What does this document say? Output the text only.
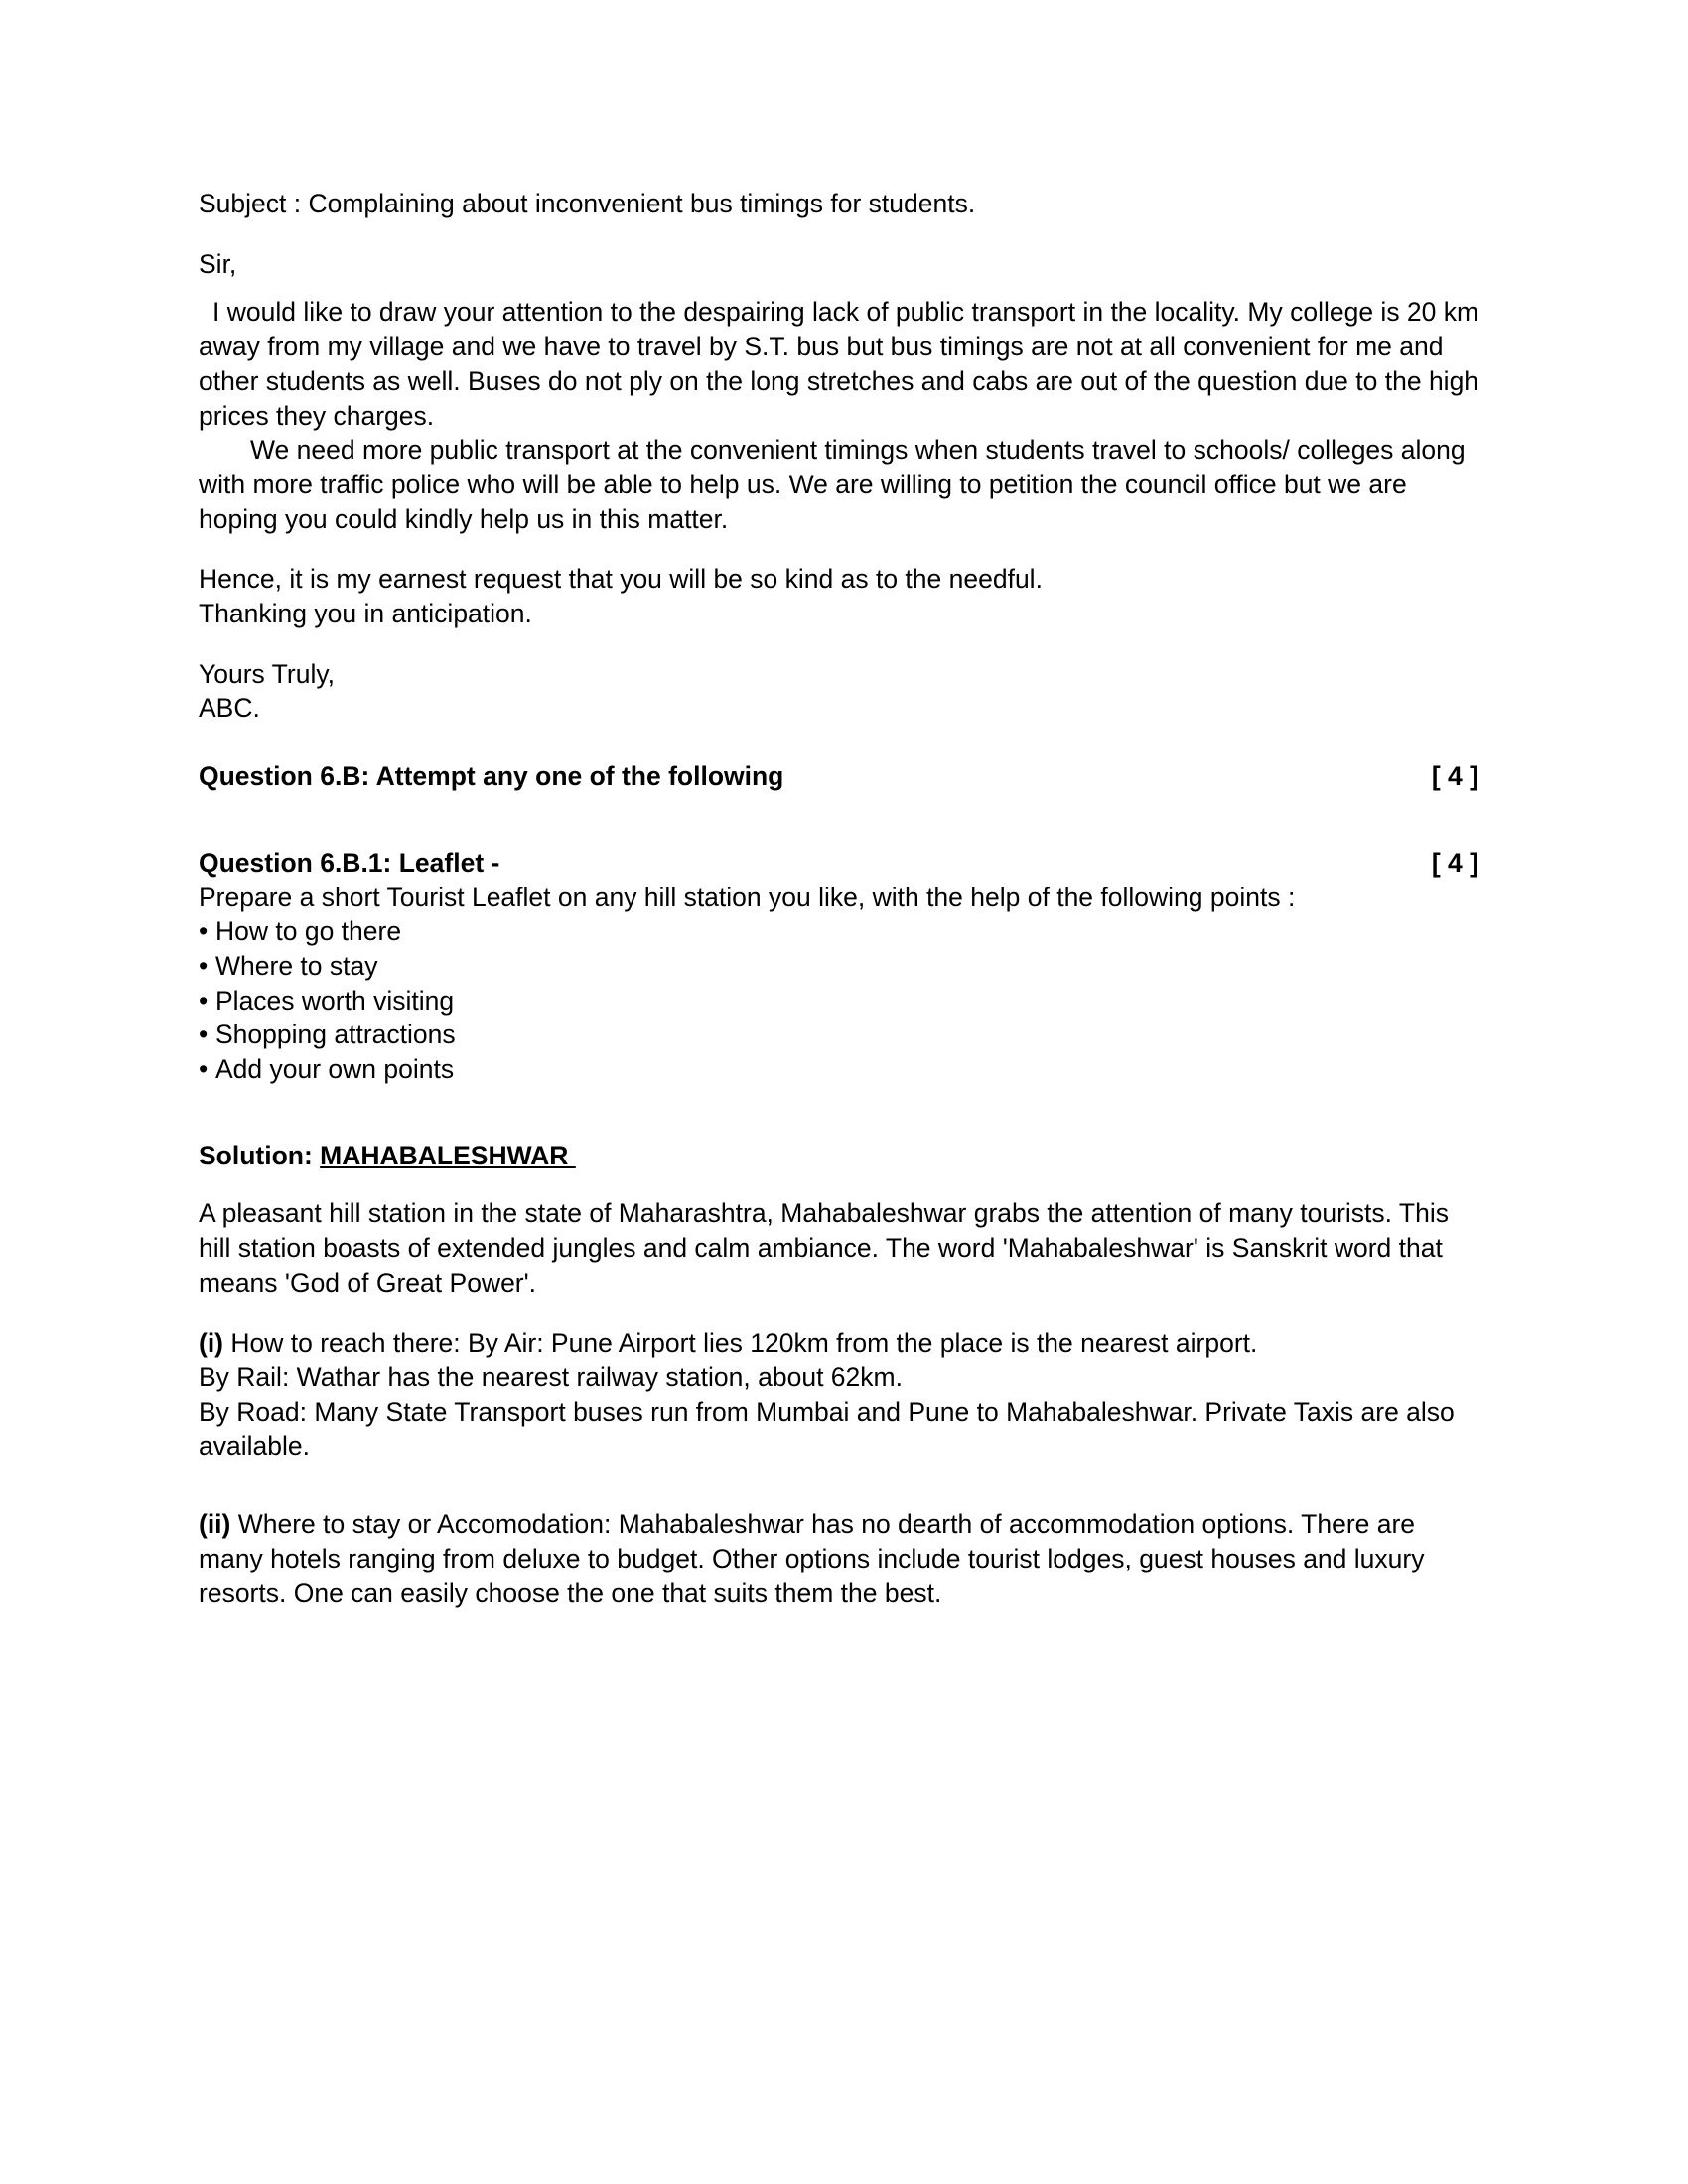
Subject : Complaining about inconvenient bus timings for students.

Sir,

I would like to draw your attention to the despairing lack of public transport in the locality. My college is 20 km away from my village and we have to travel by S.T. bus but bus timings are not at all convenient for me and other students as well. Buses do not ply on the long stretches and cabs are out of the question due to the high prices they charges.

We need more public transport at the convenient timings when students travel to schools/ colleges along

with more traffic police who will be able to help us. We are willing to petition the council office but we are hoping you could kindly help us in this matter.

Hence, it is my earnest request that you will be so kind as to the needful.
Thanking you in anticipation.

Yours Truly,
ABC.

Question 6.B: Attempt any one of the following	[ 4 ]
Question 6.B.1: Leaflet -	[ 4 ]

Prepare a short Tourist Leaflet on any hill station you like, with the help of the following points :

• How to go there
• Where to stay
• Places worth visiting
• Shopping attractions
• Add your own points

Solution: MAHABALESHWAR

A pleasant hill station in the state of Maharashtra, Mahabaleshwar grabs the attention of many tourists. This

hill station boasts of extended jungles and calm ambiance. The word 'Mahabaleshwar' is Sanskrit word that means 'God of Great Power'.

(i) How to reach there: By Air: Pune Airport lies 120km from the place is the nearest airport.

By Rail: Wathar has the nearest railway station, about 62km.

By Road: Many State Transport buses run from Mumbai and Pune to Mahabaleshwar. Private Taxis are also available.

(ii) Where to stay or Accomodation: Mahabaleshwar has no dearth of accommodation options. There are many hotels ranging from deluxe to budget. Other options include tourist lodges, guest houses and luxury resorts. One can easily choose the one that suits them the best.
